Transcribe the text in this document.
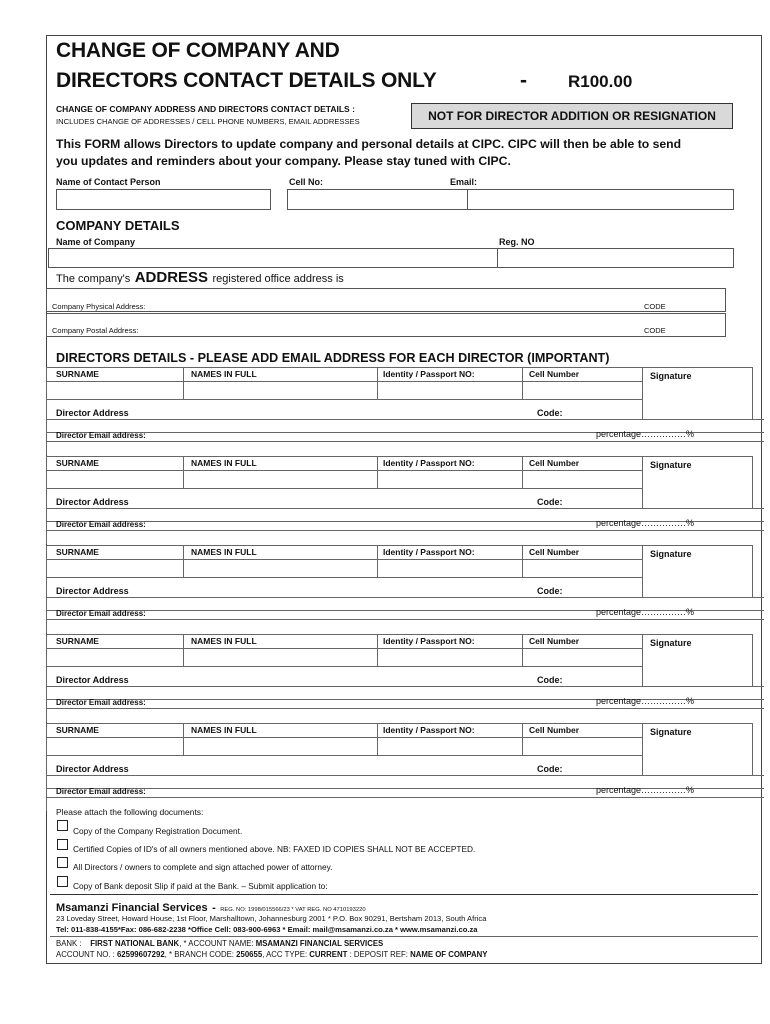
CHANGE OF COMPANY AND
DIRECTORS CONTACT DETAILS ONLY	- R100.00
CHANGE OF COMPANY ADDRESS AND DIRECTORS CONTACT DETAILS :
INCLUDES CHANGE OF ADDRESSES / CELL PHONE NUMBERS, EMAIL ADDRESSES	NOT FOR DIRECTOR ADDITION OR RESIGNATION
This FORM allows Directors to update company and personal details at CIPC. CIPC will then be able to send
you updates and reminders about your company. Please stay tuned with CIPC.
Name of Contact Person	Cell No:	Email:
COMPANY DETAILS
Name of Company	Reg. NO
The company's ADDRESS registered office address is
Company Physical Address:	CODE
Company Postal Address:	CODE
DIRECTORS DETAILS - PLEASE ADD EMAIL ADDRESS FOR EACH DIRECTOR (IMPORTANT)
SURNAME	NAMES IN FULL	Identity / Passport NO:	Cell Number	Signature
Director Address	Code:
Director Email address:	percentage……………%
SURNAME	NAMES IN FULL	Identity / Passport NO:	Cell Number	Signature
Director Address	Code:
Director Email address:	percentage……………%
SURNAME	NAMES IN FULL	Identity / Passport NO:	Cell Number	Signature
Director Address	Code:
Director Email address:	percentage……………%
SURNAME	NAMES IN FULL	Identity / Passport NO:	Cell Number	Signature
Director Address	Code:
Director Email address:	percentage……………%
SURNAME	NAMES IN FULL	Identity / Passport NO:	Cell Number	Signature
Director Address	Code:
Director Email address:	percentage……………%
Please attach the following documents:
Copy of the Company Registration Document.
Certified Copies of ID's of all owners mentioned above. NB: FAXED ID COPIES SHALL NOT BE ACCEPTED.
All Directors / owners to complete and sign attached power of attorney.
Copy of Bank deposit Slip if paid at the Bank. – Submit application to:
Msamanzi Financial Services - REG. NO: 1998/015566/23 * VAT REG. NO 4710193220
23 Loveday Street, Howard House, 1st Floor, Marshalltown, Johannesburg 2001 * P.O. Box 90291, Bertsham 2013, South Africa
Tel: 011-838-4155*Fax: 086-682-2238 *Office Cell: 083-900-6963 * Email: mail@msamanzi.co.za * www.msamanzi.co.za
BANK : FIRST NATIONAL BANK, * ACCOUNT NAME: MSAMANZI FINANCIAL SERVICES
ACCOUNT NO. : 62599607292, * BRANCH CODE: 250655, ACC TYPE: CURRENT : DEPOSIT REF: NAME OF COMPANY
